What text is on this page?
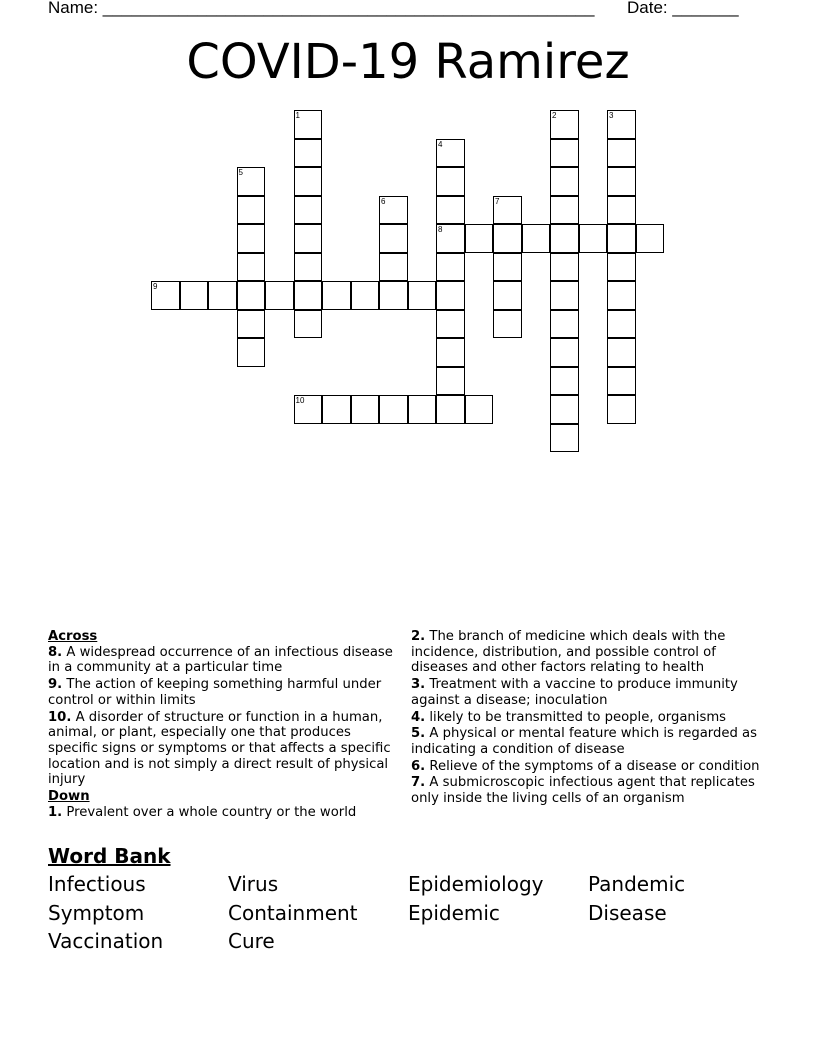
Name: ____________________________________________________ Date: _______
COVID-19 Ramirez
1	2	3
4
8
5
6	7
9
10
Across
8. A widespread occurrence of an infectious disease in a community at a particular time
9. The action of keeping something harmful under control or within limits
10. A disorder of structure or function in a human, animal, or plant, especially one that produces specific signs or symptoms or that affects a specific location and is not simply a direct result of physical injury
Down
1. Prevalent over a whole country or the world
2. The branch of medicine which deals with the incidence, distribution, and possible control of diseases and other factors relating to health
3. Treatment with a vaccine to produce immunity against a disease; inoculation
4. likely to be transmitted to people, organisms
5. A physical or mental feature which is regarded as indicating a condition of disease
6. Relieve of the symptoms of a disease or condition
7. A submicroscopic infectious agent that replicates only inside the living cells of an organism
Word Bank
Infectious	Virus	Epidemiology	Pandemic
Symptom	Containment	Epidemic	Disease
Vaccination	Cure
